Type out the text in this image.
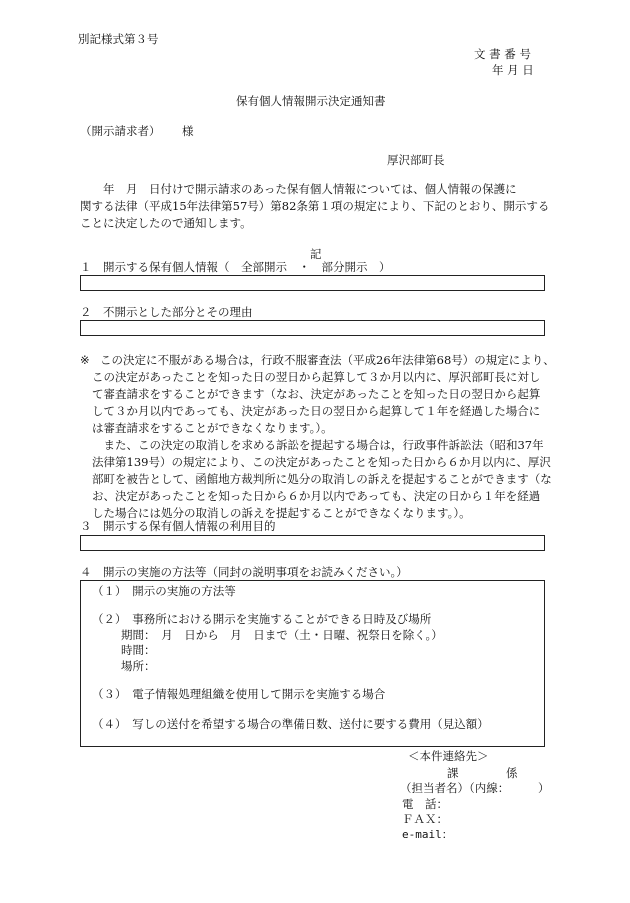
別記様式第３号
文 書 番 号
年 月 日
保有個人情報開示決定通知書
（開示請求者） 様
厚沢部町長
　　年　月　日付けで開示請求のあった保有個人情報については、個人情報の保護に
関する法律（平成15年法律第57号）第82条第１項の規定により、下記のとおり、開示する
ことに決定したので通知します。
記
１　開示する保有個人情報（　全部開示　・　部分開示　）
２　不開示とした部分とその理由
※ この決定に不服がある場合は，行政不服審査法（平成26年法律第68号）の規定により、
この決定があったことを知った日の翌日から起算して３か月以内に、厚沢部町長に対し
て審査請求をすることができます（なお、決定があったことを知った日の翌日から起算
して３か月以内であっても、決定があった日の翌日から起算して１年を経過した場合に
は審査請求をすることができなくなります。）。
　また、この決定の取消しを求める訴訟を提起する場合は，行政事件訴訟法（昭和37年
法律第139号）の規定により、この決定があったことを知った日から６か月以内に、厚沢
部町を被告として、函館地方裁判所に処分の取消しの訴えを提起することができます（な
お、決定があったことを知った日から６か月以内であっても、決定の日から１年を経過
した場合には処分の取消しの訴えを提起することができなくなります。）。
３　開示する保有個人情報の利用目的
４　開示の実施の方法等（同封の説明事項をお読みください。）
（１）　開示の実施の方法等
（２）　事務所における開示を実施することができる日時及び場所
期間：　月　日から　月　日まで（土・日曜、祝祭日を除く。）
時間：
場所：
（３）　電子情報処理組織を使用して開示を実施する場合
（４）　写しの送付を希望する場合の準備日数、送付に要する費用（見込額）
＜本件連絡先＞
課	係
（担当者名）（内線：　　　）
電　話：
ＦＡＸ：
e-mail：
